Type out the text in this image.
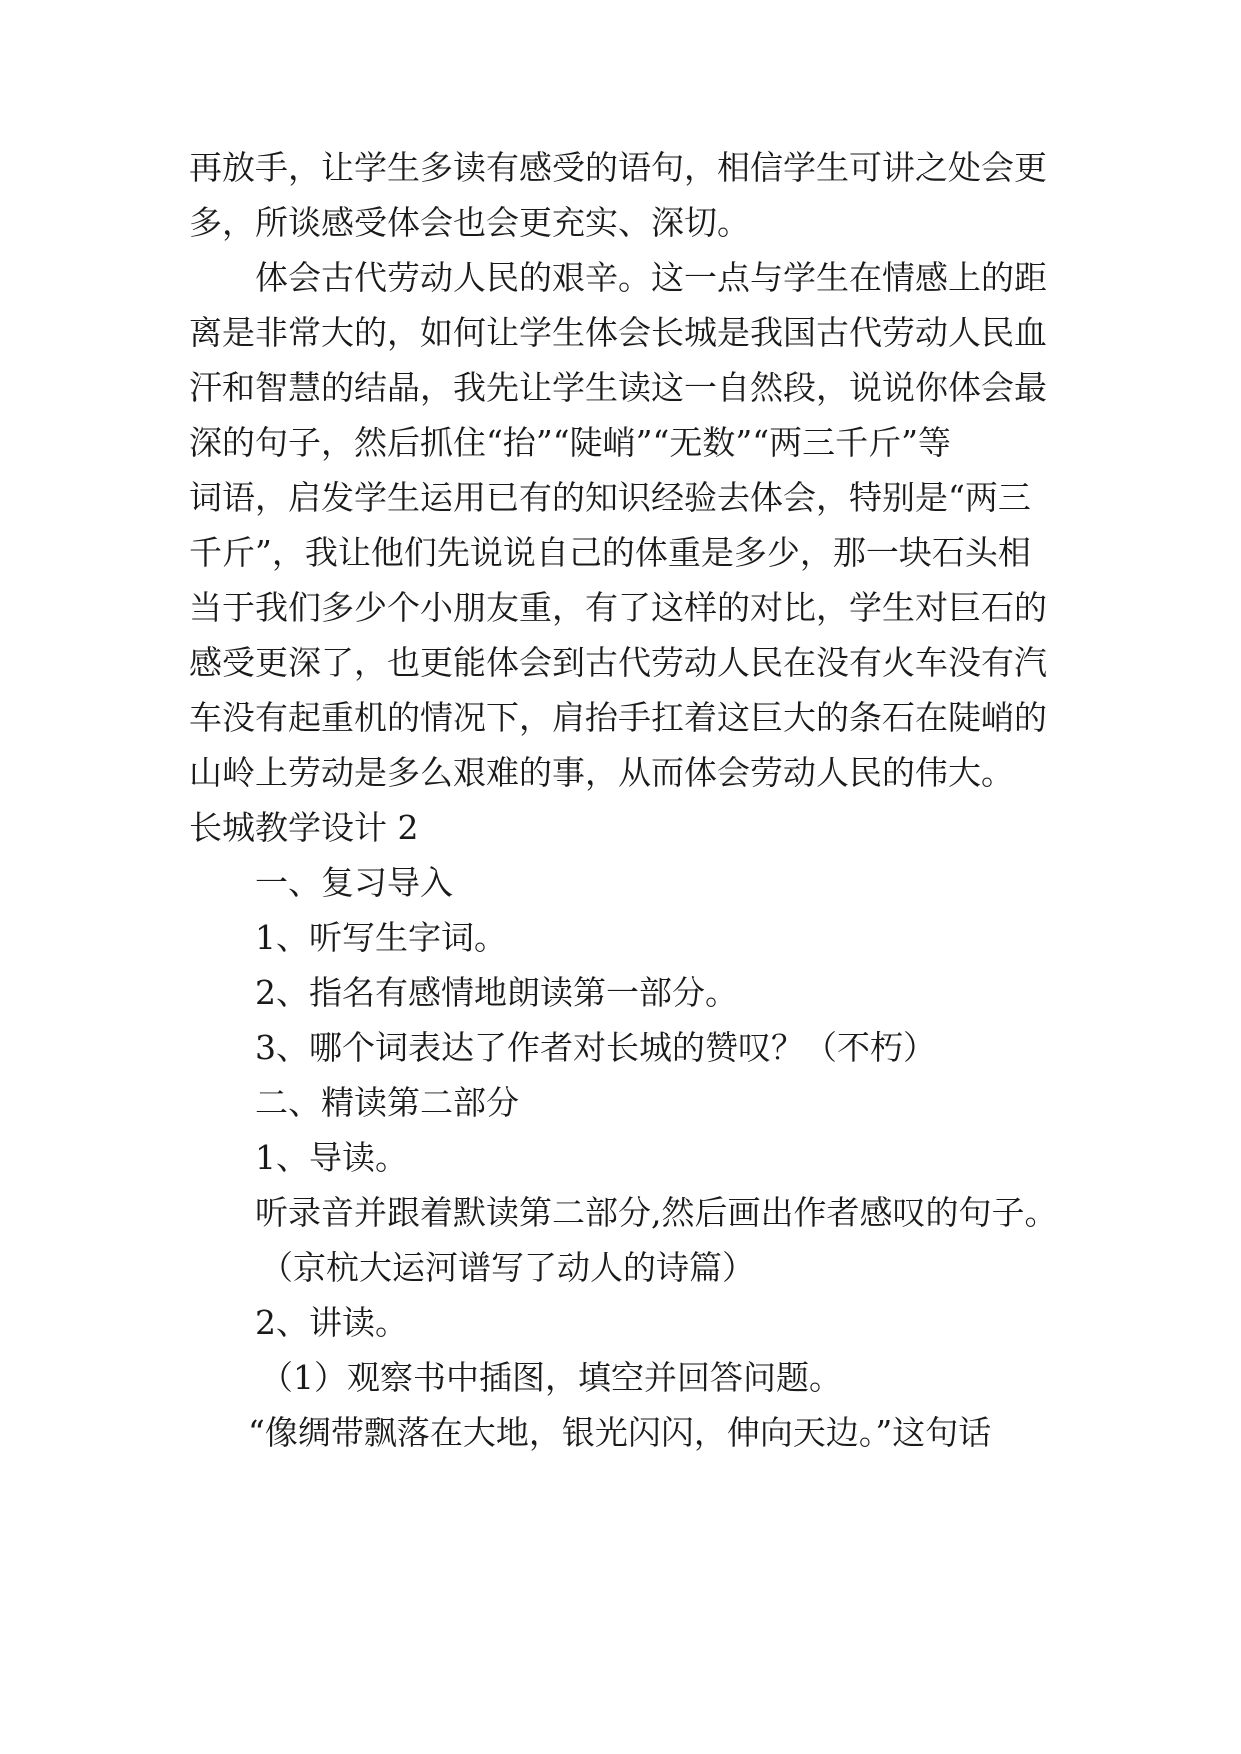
再放手，让学生多读有感受的语句，相信学生可讲之处会更
多，所谈感受体会也会更充实、深切。
体会古代劳动人民的艰辛。这一点与学生在情感上的距
离是非常大的，如何让学生体会长城是我国古代劳动人民血
汗和智慧的结晶，我先让学生读这一自然段，说说你体会最
深的句子，然后抓住“抬”“陡峭”“无数”“两三千斤”等
词语，启发学生运用已有的知识经验去体会，特别是“两三
千斤”，我让他们先说说自己的体重是多少，那一块石头相
当于我们多少个小朋友重，有了这样的对比，学生对巨石的
感受更深了，也更能体会到古代劳动人民在没有火车没有汽
车没有起重机的情况下，肩抬手扛着这巨大的条石在陡峭的
山岭上劳动是多么艰难的事，从而体会劳动人民的伟大。
长城教学设计 2
一、复习导入
1、听写生字词。
2、指名有感情地朗读第一部分。
3、哪个词表达了作者对长城的赞叹？（不朽）
二、精读第二部分
1、导读。
听录音并跟着默读第二部分,然后画出作者感叹的句子。
（京杭大运河谱写了动人的诗篇）
2、讲读。
（1）观察书中插图，填空并回答问题。
“像绸带飘落在大地，银光闪闪，伸向天边。”这句话
